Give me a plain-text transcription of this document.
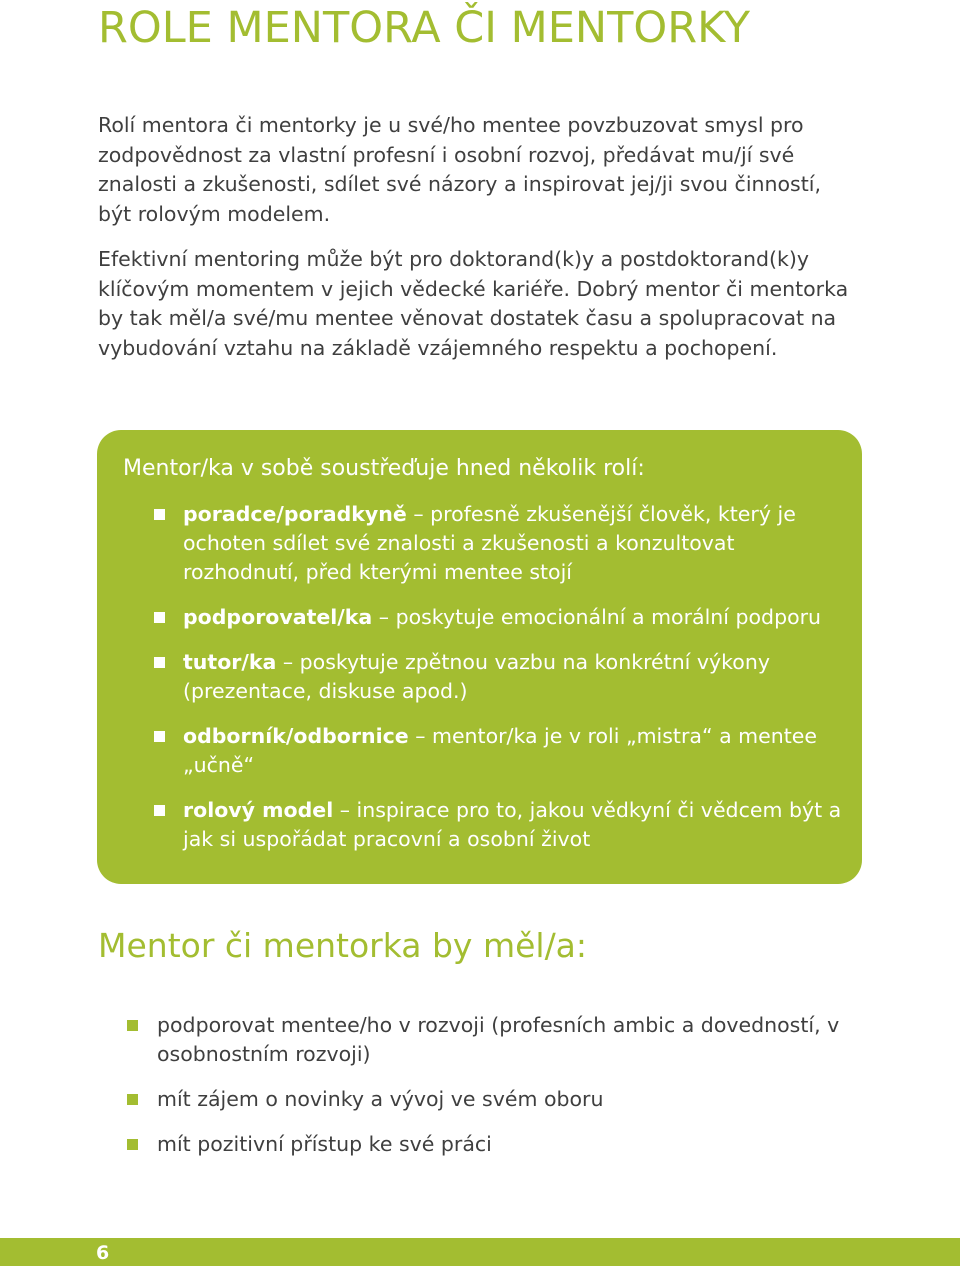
ROLE MENTORA ČI MENTORKY

Rolí mentora či mentorky je u své/ho mentee povzbuzovat smysl pro zodpovědnost za vlastní profesní i osobní rozvoj, předávat mu/jí své znalosti a zkušenosti, sdílet své názory a inspirovat jej/ji svou činností, být rolovým modelem.

Efektivní mentoring může být pro doktorand(k)y a postdoktorand(k)y klíčovým momentem v jejich vědecké kariéře. Dobrý mentor či mentorka by tak měl/a své/mu mentee věnovat dostatek času a spolupracovat na vybudování vztahu na základě vzájemného respektu a pochopení.

Mentor/ka v sobě soustřeďuje hned několik rolí:
poradce/poradkyně – profesně zkušenější člověk, který je ochoten sdílet své znalosti a zkušenosti a konzultovat rozhodnutí, před kterými mentee stojí
podporovatel/ka – poskytuje emocionální a morální podporu
tutor/ka – poskytuje zpětnou vazbu na konkrétní výkony (prezentace, diskuse apod.)
odborník/odbornice – mentor/ka je v roli „mistra“ a mentee „učně“
rolový model – inspirace pro to, jakou vědkyní či vědcem být a jak si uspořádat pracovní a osobní život
Mentor či mentorka by měl/a:
podporovat mentee/ho v rozvoji (profesních ambic a dovedností, v osobnostním rozvoji)
mít zájem o novinky a vývoj ve svém oboru
mít pozitivní přístup ke své práci
6
